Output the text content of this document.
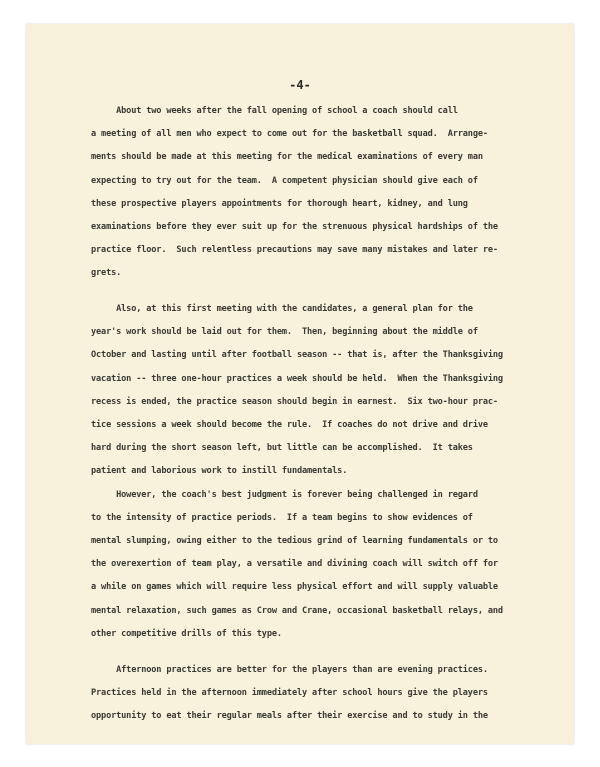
-4-
About two weeks after the fall opening of school a coach should call
a meeting of all men who expect to come out for the basketball squad.  Arrange-
ments should be made at this meeting for the medical examinations of every man
expecting to try out for the team.  A competent physician should give each of
these prospective players appointments for thorough heart, kidney, and lung
examinations before they ever suit up for the strenuous physical hardships of the
practice floor.  Such relentless precautions may save many mistakes and later re-
grets.
Also, at this first meeting with the candidates, a general plan for the
year's work should be laid out for them.  Then, beginning about the middle of
October and lasting until after football season -- that is, after the Thanksgiving
vacation -- three one-hour practices a week should be held.  When the Thanksgiving
recess is ended, the practice season should begin in earnest.  Six two-hour prac-
tice sessions a week should become the rule.  If coaches do not drive and drive
hard during the short season left, but little can be accomplished.  It takes
patient and laborious work to instill fundamentals.
However, the coach's best judgment is forever being challenged in regard
to the intensity of practice periods.  If a team begins to show evidences of
mental slumping, owing either to the tedious grind of learning fundamentals or to
the overexertion of team play, a versatile and divining coach will switch off for
a while on games which will require less physical effort and will supply valuable
mental relaxation, such games as Crow and Crane, occasional basketball relays, and
other competitive drills of this type.
Afternoon practices are better for the players than are evening practices.
Practices held in the afternoon immediately after school hours give the players
opportunity to eat their regular meals after their exercise and to study in the
